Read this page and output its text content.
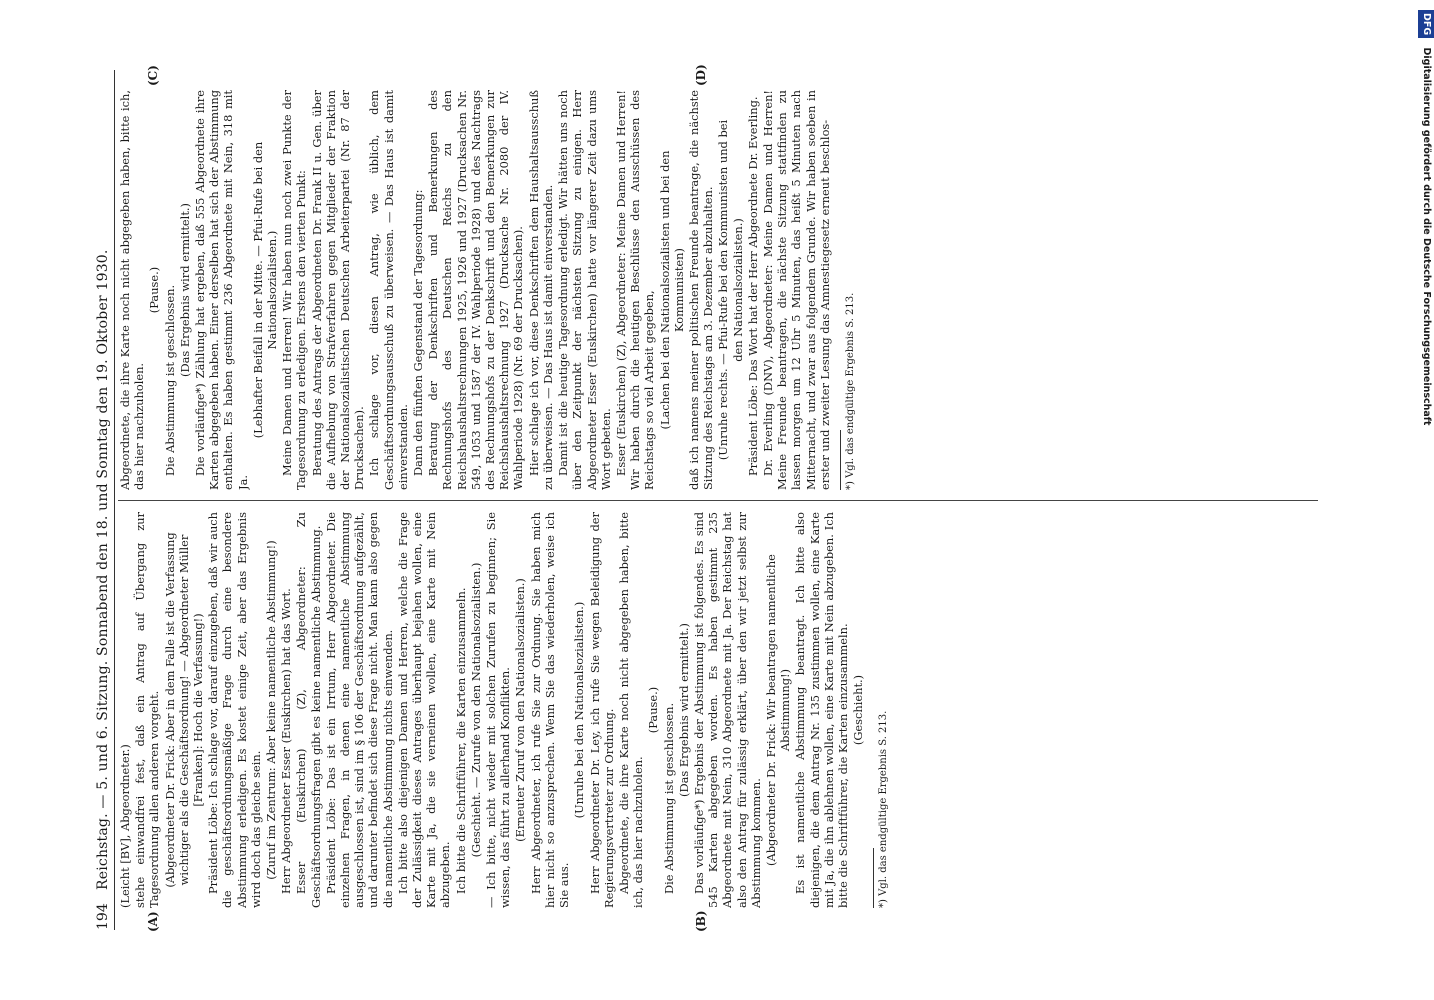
194
Reichstag. — 5. und 6. Sitzung. Sonnabend den 18. und Sonntag den 19. Oktober 1930.
(A)	(B)
(C)	(D)

(Leicht [BV], Abgeordneter.) stehe einwandfrei fest, daß ein Antrag auf Übergang zur Tagesordnung allen anderen vorgeht. (Abgeordneter Dr. Frick: Aber in dem Falle ist die Verfassung wichtiger als die Geschäftsordnung! — Abgeordneter Müller [Franken]: Hoch die Verfassung!) Präsident Löbe: Ich schlage vor, darauf einzugeben, daß wir auch die geschäftsordnungsmäßige Frage durch eine besondere Abstimmung erledigen. Es kostet einige Zeit, aber das Ergebnis wird doch das gleiche sein. (Zuruf im Zentrum: Aber keine namentliche Abstimmung!) Herr Abgeordneter Esser (Euskirchen) hat das Wort. Esser (Euskirchen) (Z), Abgeordneter: Zu Geschäftsordnungsfragen gibt es keine namentliche Abstimmung. Präsident Löbe: Das ist ein Irrtum, Herr Abgeordneter. Die einzelnen Fragen, in denen eine namentliche Abstimmung ausgeschlossen ist, sind im § 106 der Geschäftsordnung aufgezählt, und darunter befindet sich diese Frage nicht. Man kann also gegen die namentliche Abstimmung nichts einwenden. Ich bitte also diejenigen Damen und Herren, welche die Frage der Zulässigkeit dieses Antrages überhaupt bejahen wollen, eine Karte mit Ja, die sie verneinen wollen, eine Karte mit Nein abzugeben. Ich bitte die Schriftführer, die Karten einzusammeln. (Geschieht. — Zurufe von den Nationalsozialisten.) — Ich bitte, nicht wieder mit solchen Zurufen zu beginnen; Sie wissen, das führt zu allerhand Konflikten. (Erneuter Zuruf von den Nationalsozialisten.) Herr Abgeordneter, ich rufe Sie zur Ordnung. Sie haben mich hier nicht so anzusprechen. Wenn Sie das wiederholen, weise ich Sie aus.

(Unruhe bei den Nationalsozialisten.) Herr Abgeordneter Dr. Ley, ich rufe Sie wegen Beleidigung der Regierungsvertreter zur Ordnung. Abgeordnete, die ihre Karte noch nicht abgegeben haben, bitte ich, das hier nachzuholen.

(Pause.) Die Abstimmung ist geschlossen. (Das Ergebnis wird ermittelt.) Das vorläufige*) Ergebnis der Abstimmung ist folgendes. Es sind 545 Karten abgegeben worden. Es haben gestimmt 235 Abgeordnete mit Nein, 310 Abgeordnete mit Ja. Der Reichstag hat also den Antrag für zulässig erklärt, über den wir jetzt selbst zur Abstimmung kommen. (Abgeordneter Dr. Frick: Wir beantragen namentliche Abstimmung!) Es ist namentliche Abstimmung beantragt. Ich bitte also diejenigen, die dem Antrag Nr. 135 zustimmen wollen, eine Karte mit Ja, die ihn ablehnen wollen, eine Karte mit Nein abzugeben. Ich bitte die Schriftführer, die Karten einzusammeln. (Geschieht.)

*) Vgl. das endgültige Ergebnis S. 213.

Abgeordnete, die ihre Karte noch nicht abgegeben haben, bitte ich, das hier nachzuholen.

(Pause.) Die Abstimmung ist geschlossen. (Das Ergebnis wird ermittelt.) Die vorläufige*) Zählung hat ergeben, daß 555 Abgeordnete ihre Karten abgegeben haben. Einer derselben hat sich der Abstimmung enthalten. Es haben gestimmt 236 Abgeordnete mit Nein, 318 mit Ja.

(Lebhafter Beifall in der Mitte. — Pfui-Rufe bei den Nationalsozialisten.) Meine Damen und Herren! Wir haben nun noch zwei Punkte der Tagesordnung zu erledigen. Erstens den vierten Punkt: Beratung des Antrags der Abgeordneten Dr. Frank II u. Gen. über die Aufhebung von Strafverfahren gegen Mitglieder der Fraktion der Nationalsozialistischen Deutschen Arbeiterpartei (Nr. 87 der Drucksachen). Ich schlage vor, diesen Antrag, wie üblich, dem Geschäftsordnungsausschuß zu überweisen. — Das Haus ist damit einverstanden. Dann den fünften Gegenstand der Tagesordnung: Beratung der Denkschriften und Bemerkungen des Rechnungshofs des Deutschen Reichs zu den Reichshaushaltsrechnungen 1925, 1926 und 1927 (Drucksachen Nr. 549, 1053 und 1587 der IV. Wahlperiode 1928) und des Nachtrags des Rechnungshofs zu der Denkschrift und den Bemerkungen zur Reichshaushaltsrechnung 1927 (Drucksache Nr. 2080 der IV. Wahlperiode 1928) (Nr. 69 der Drucksachen). Hier schlage ich vor, diese Denkschriften dem Haushaltsausschuß zu überweisen. — Das Haus ist damit einverstanden. Damit ist die heutige Tagesordnung erledigt. Wir hätten uns noch über den Zeitpunkt der nächsten Sitzung zu einigen. Herr Abgeordneter Esser (Euskirchen) hatte vor längerer Zeit dazu ums Wort gebeten. Esser (Euskirchen) (Z), Abgeordneter: Meine Damen und Herren! Wir haben durch die heutigen Beschlüsse den Ausschüssen des Reichstags so viel Arbeit gegeben, (Lachen bei den Nationalsozialisten und bei den Kommunisten) daß ich namens meiner politischen Freunde beantrage, die nächste Sitzung des Reichstags am 3. Dezember abzuhalten. (Unruhe rechts. — Pfui-Rufe bei den Kommunisten und bei den Nationalsozialisten.) Präsident Löbe: Das Wort hat der Herr Abgeordnete Dr. Everling. Dr. Everling (DNV), Abgeordneter: Meine Damen und Herren! Meine Freunde beantragen, die nächste Sitzung stattfinden zu lassen morgen um 12 Uhr 5 Minuten, das heißt 5 Minuten nach Mitternacht, und zwar aus folgendem Grunde. Wir haben soeben in erster und zweiter Lesung das Amnestiegesetz erneut beschlos- *) Vgl. das endgültige Ergebnis S. 213.

DFG Digitalisierung gefördert durch die Deutsche Forschungsgemeinschaft
